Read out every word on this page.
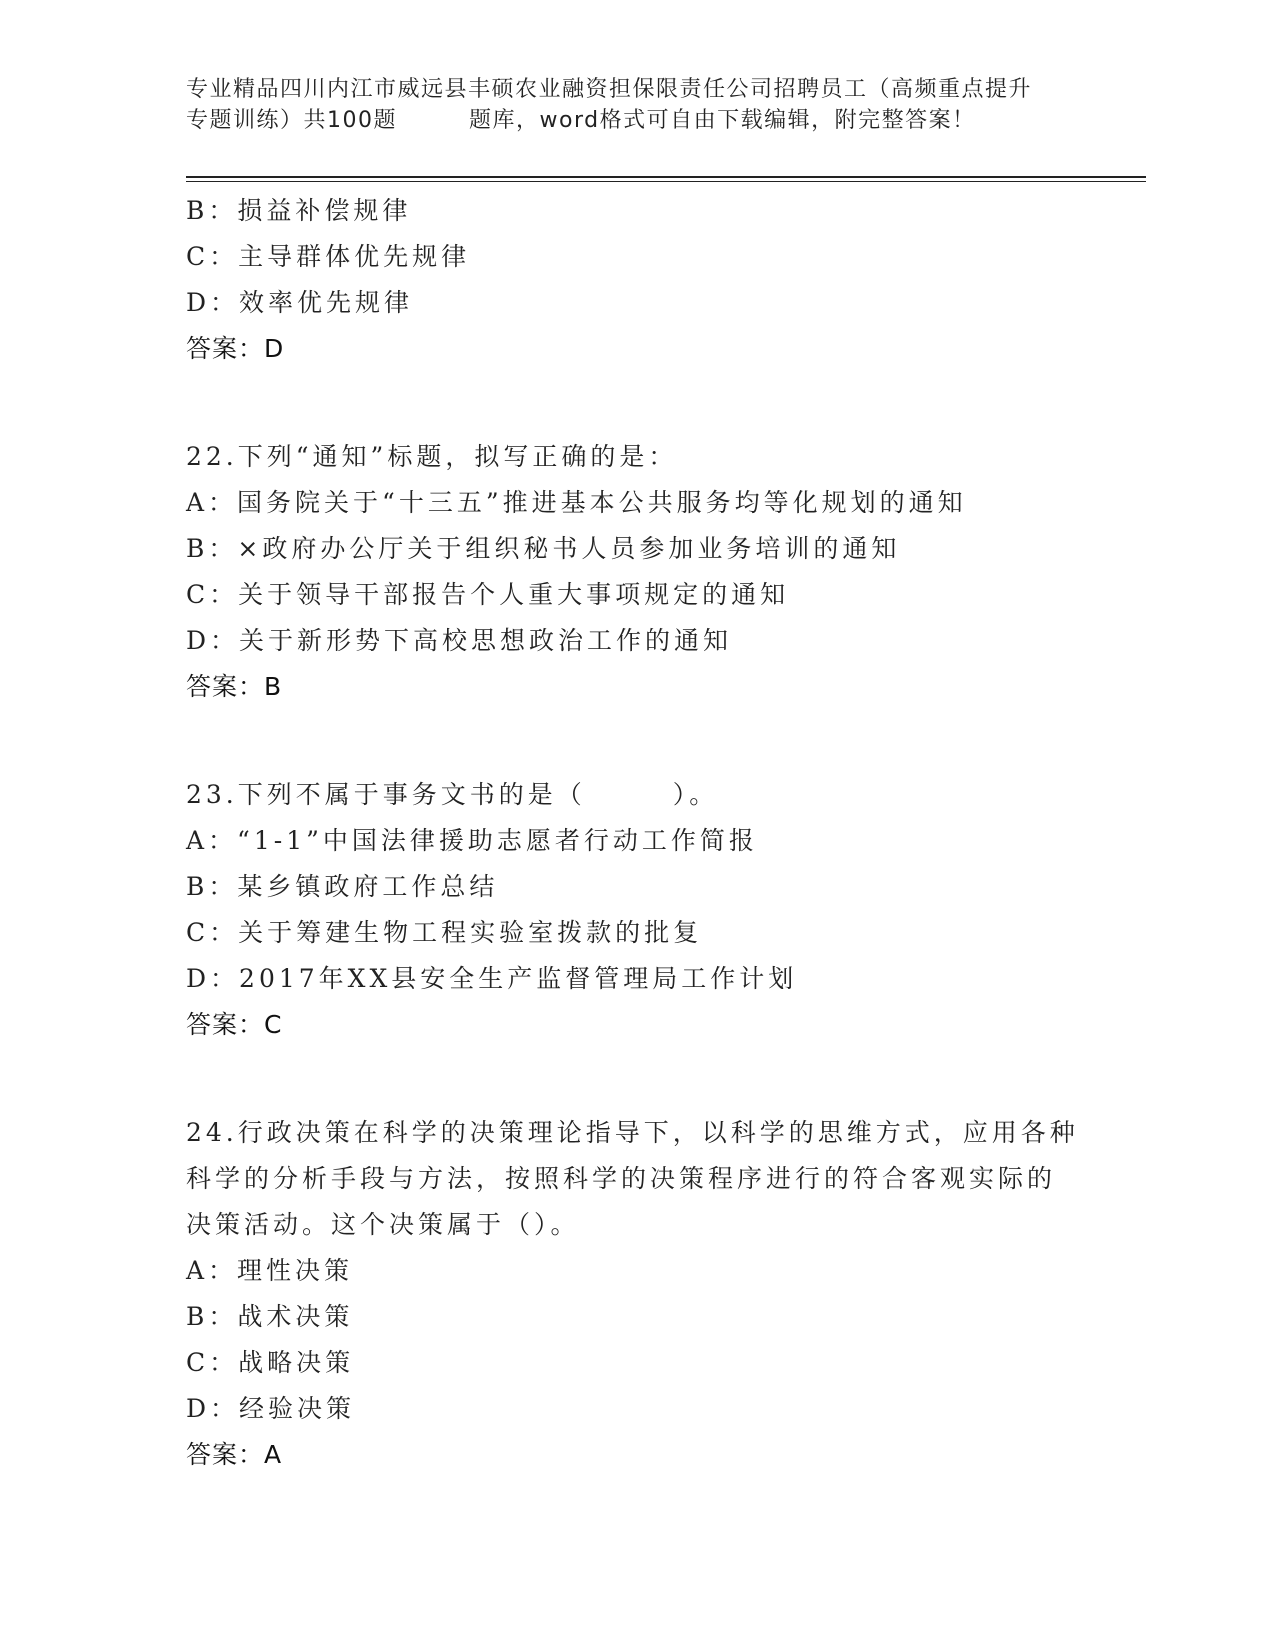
专业精品四川内江市威远县丰硕农业融资担保限责任公司招聘员工（高频重点提升
专题训练）共100题	题库，word格式可自由下载编辑，附完整答案！
B：损益补偿规律
C：主导群体优先规律
D：效率优先规律
答案：D
22.下列“通知”标题，拟写正确的是：
A：国务院关于“十三五”推进基本公共服务均等化规划的通知
B：×政府办公厅关于组织秘书人员参加业务培训的通知
C：关于领导干部报告个人重大事项规定的通知
D：关于新形势下高校思想政治工作的通知
答案：B
23.下列不属于事务文书的是（　　　）。
A：“1-1”中国法律援助志愿者行动工作简报
B：某乡镇政府工作总结
C：关于筹建生物工程实验室拨款的批复
D：2017年XX县安全生产监督管理局工作计划
答案：C
24.行政决策在科学的决策理论指导下，以科学的思维方式，应用各种
科学的分析手段与方法，按照科学的决策程序进行的符合客观实际的
决策活动。这个决策属于（）。
A：理性决策
B：战术决策
C：战略决策
D：经验决策
答案：A
